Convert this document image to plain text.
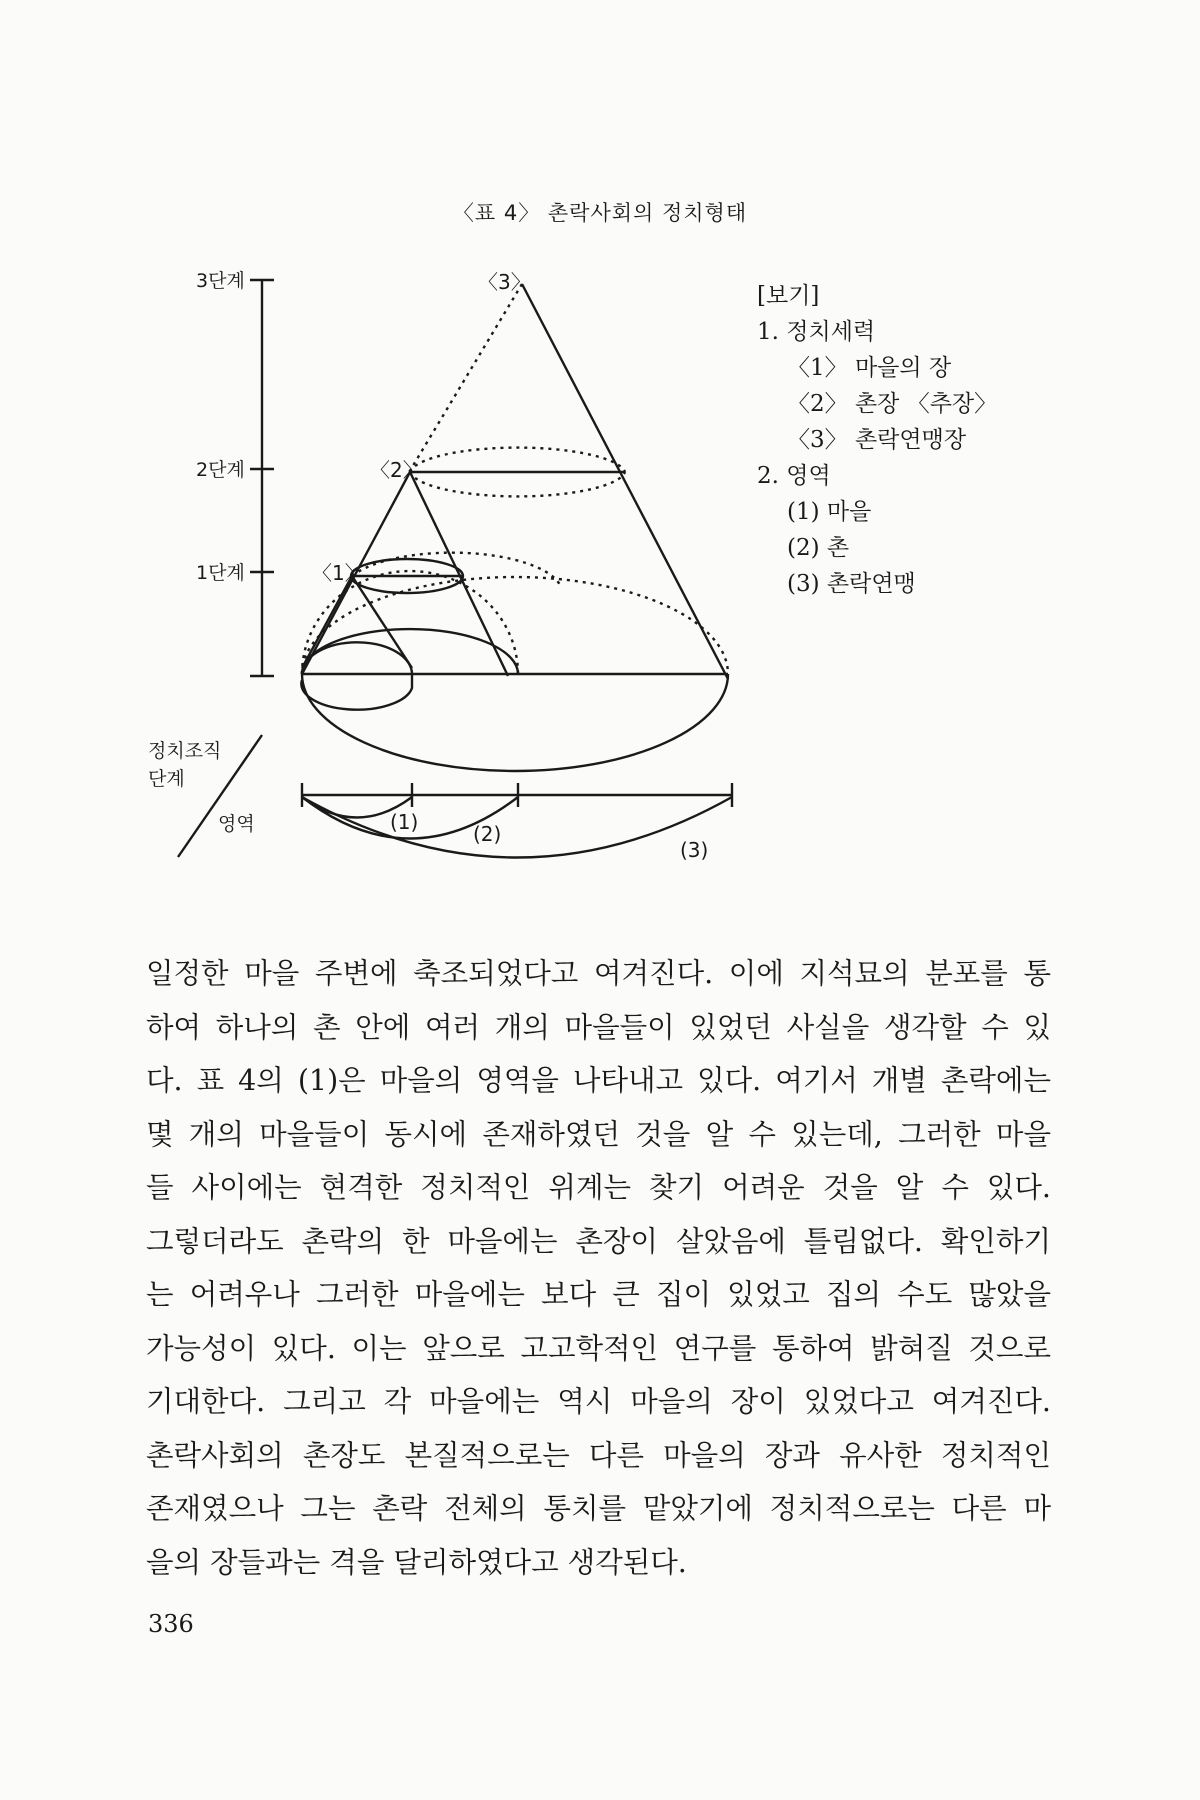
〈표 4〉 촌락사회의 정치형태
3단계
2단계
1단계
〈3〉
〈2〉
〈1〉
정치조직
단계
영역	(1)	(2)
(3)
[보기]
1. 정치세력
〈1〉 마을의 장
〈2〉 촌장 〈추장〉
〈3〉 촌락연맹장
2. 영역
(1) 마을
(2) 촌
(3) 촌락연맹
일정한 마을 주변에 축조되었다고 여겨진다. 이에 지석묘의 분포를 통
하여 하나의 촌 안에 여러 개의 마을들이 있었던 사실을 생각할 수 있
다. 표 4의 (1)은 마을의 영역을 나타내고 있다. 여기서 개별 촌락에는
몇 개의 마을들이 동시에 존재하였던 것을 알 수 있는데, 그러한 마을
들 사이에는 현격한 정치적인 위계는 찾기 어려운 것을 알 수 있다.
그렇더라도 촌락의 한 마을에는 촌장이 살았음에 틀림없다. 확인하기
는 어려우나 그러한 마을에는 보다 큰 집이 있었고 집의 수도 많았을
가능성이 있다. 이는 앞으로 고고학적인 연구를 통하여 밝혀질 것으로
기대한다. 그리고 각 마을에는 역시 마을의 장이 있었다고 여겨진다.
촌락사회의 촌장도 본질적으로는 다른 마을의 장과 유사한 정치적인
존재였으나 그는 촌락 전체의 통치를 맡았기에 정치적으로는 다른 마
을의 장들과는 격을 달리하였다고 생각된다.
336
